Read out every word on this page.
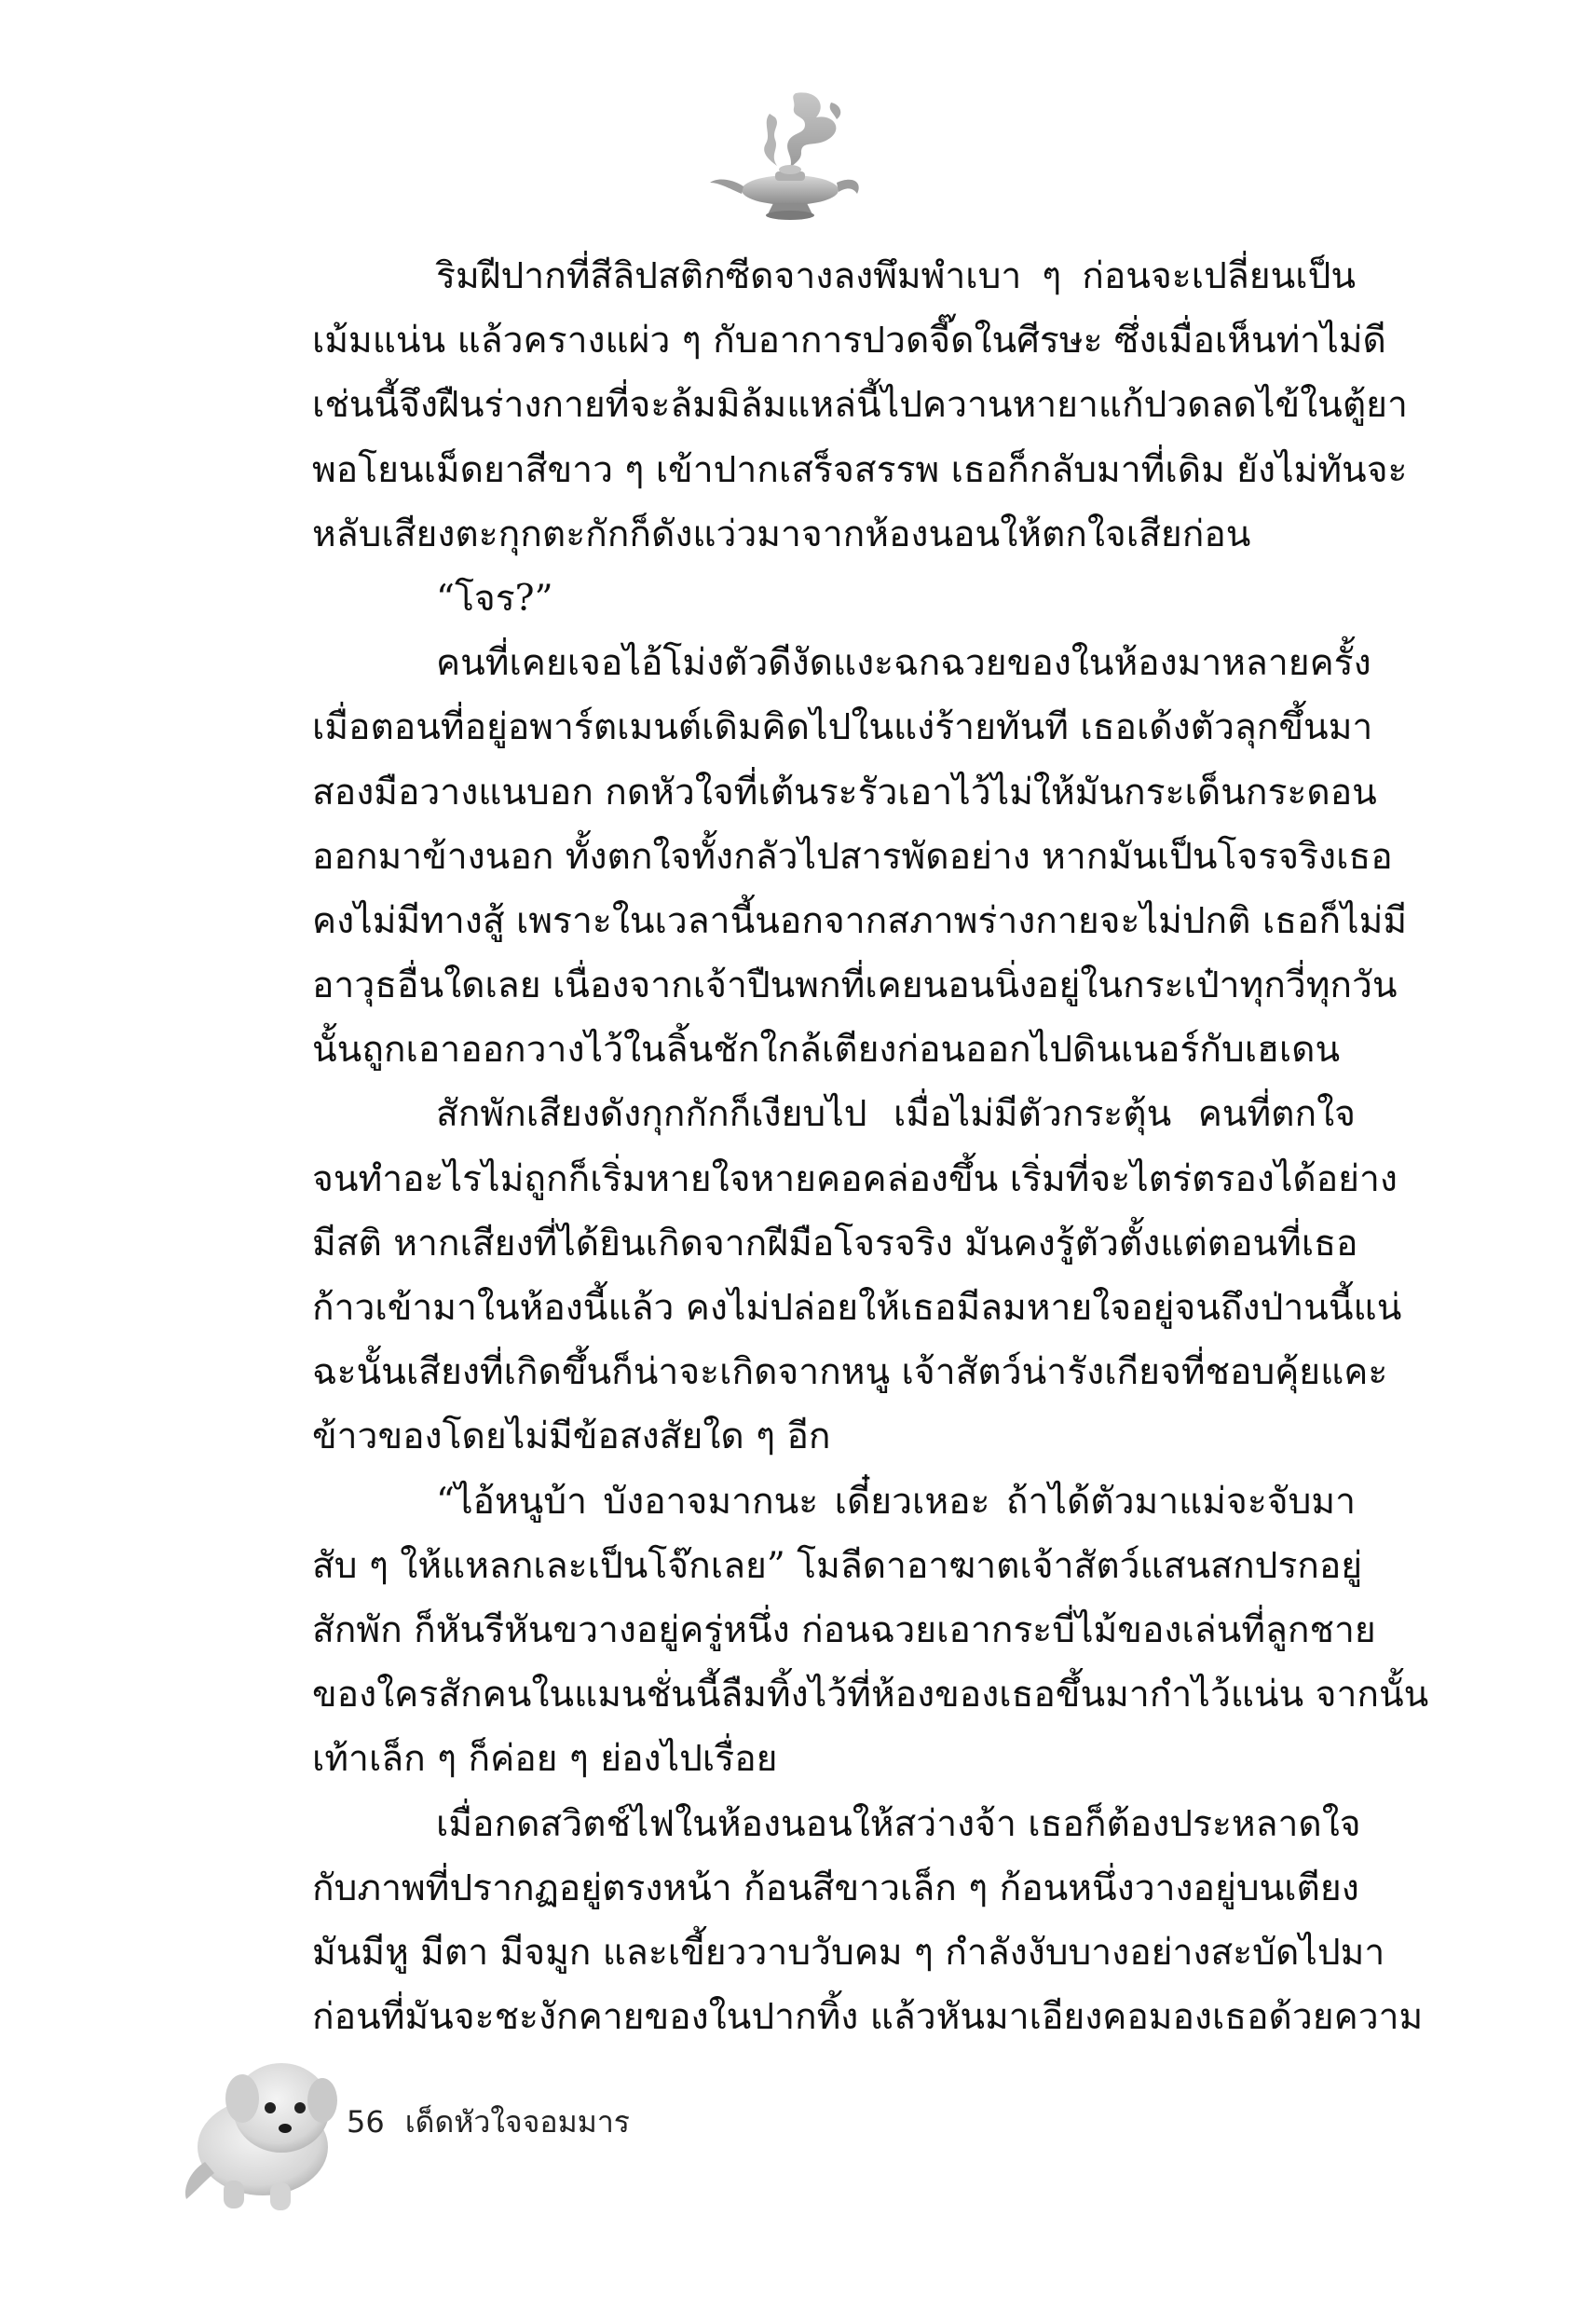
ริมฝีปากที่สีลิปสติกซีดจางลงพึมพำเบา ๆ ก่อนจะเปลี่ยนเป็น
เม้มแน่น แล้วครางแผ่ว ๆ กับอาการปวดจี๊ดในศีรษะ ซึ่งเมื่อเห็นท่าไม่ดี
เช่นนี้จึงฝืนร่างกายที่จะล้มมิล้มแหล่นี้ไปควานหายาแก้ปวดลดไข้ในตู้ยา
พอโยนเม็ดยาสีขาว ๆ เข้าปากเสร็จสรรพ เธอก็กลับมาที่เดิม ยังไม่ทันจะ
หลับเสียงตะกุกตะกักก็ดังแว่วมาจากห้องนอนให้ตกใจเสียก่อน
“โจร?”
คนที่เคยเจอไอ้โม่งตัวดีงัดแงะฉกฉวยของในห้องมาหลายครั้ง
เมื่อตอนที่อยู่อพาร์ตเมนต์เดิมคิดไปในแง่ร้ายทันที เธอเด้งตัวลุกขึ้นมา
สองมือวางแนบอก กดหัวใจที่เต้นระรัวเอาไว้ไม่ให้มันกระเด็นกระดอน
ออกมาข้างนอก ทั้งตกใจทั้งกลัวไปสารพัดอย่าง หากมันเป็นโจรจริงเธอ
คงไม่มีทางสู้ เพราะในเวลานี้นอกจากสภาพร่างกายจะไม่ปกติ เธอก็ไม่มี
อาวุธอื่นใดเลย เนื่องจากเจ้าปืนพกที่เคยนอนนิ่งอยู่ในกระเป๋าทุกวี่ทุกวัน
นั้นถูกเอาออกวางไว้ในลิ้นชักใกล้เตียงก่อนออกไปดินเนอร์กับเฮเดน
สักพักเสียงดังกุกกักก็เงียบไป เมื่อไม่มีตัวกระตุ้น คนที่ตกใจ
จนทำอะไรไม่ถูกก็เริ่มหายใจหายคอคล่องขึ้น เริ่มที่จะไตร่ตรองได้อย่าง
มีสติ หากเสียงที่ได้ยินเกิดจากฝีมือโจรจริง มันคงรู้ตัวตั้งแต่ตอนที่เธอ
ก้าวเข้ามาในห้องนี้แล้ว คงไม่ปล่อยให้เธอมีลมหายใจอยู่จนถึงป่านนี้แน่
ฉะนั้นเสียงที่เกิดขึ้นก็น่าจะเกิดจากหนู เจ้าสัตว์น่ารังเกียจที่ชอบคุ้ยแคะ
ข้าวของโดยไม่มีข้อสงสัยใด ๆ อีก
“ไอ้หนูบ้า บังอาจมากนะ เดี๋ยวเหอะ ถ้าได้ตัวมาแม่จะจับมา
สับ ๆ ให้แหลกเละเป็นโจ๊กเลย” โมลีดาอาฆาตเจ้าสัตว์แสนสกปรกอยู่
สักพัก ก็หันรีหันขวางอยู่ครู่หนึ่ง ก่อนฉวยเอากระบี่ไม้ของเล่นที่ลูกชาย
ของใครสักคนในแมนชั่นนี้ลืมทิ้งไว้ที่ห้องของเธอขึ้นมากำไว้แน่น จากนั้น
เท้าเล็ก ๆ ก็ค่อย ๆ ย่องไปเรื่อย
เมื่อกดสวิตช์ไฟในห้องนอนให้สว่างจ้า เธอก็ต้องประหลาดใจ
กับภาพที่ปรากฏอยู่ตรงหน้า ก้อนสีขาวเล็ก ๆ ก้อนหนึ่งวางอยู่บนเตียง
มันมีหู มีตา มีจมูก และเขี้ยววาบวับคม ๆ กำลังงับบางอย่างสะบัดไปมา
ก่อนที่มันจะชะงักคายของในปากทิ้ง แล้วหันมาเอียงคอมองเธอด้วยความ
56 เด็ดหัวใจจอมมาร
